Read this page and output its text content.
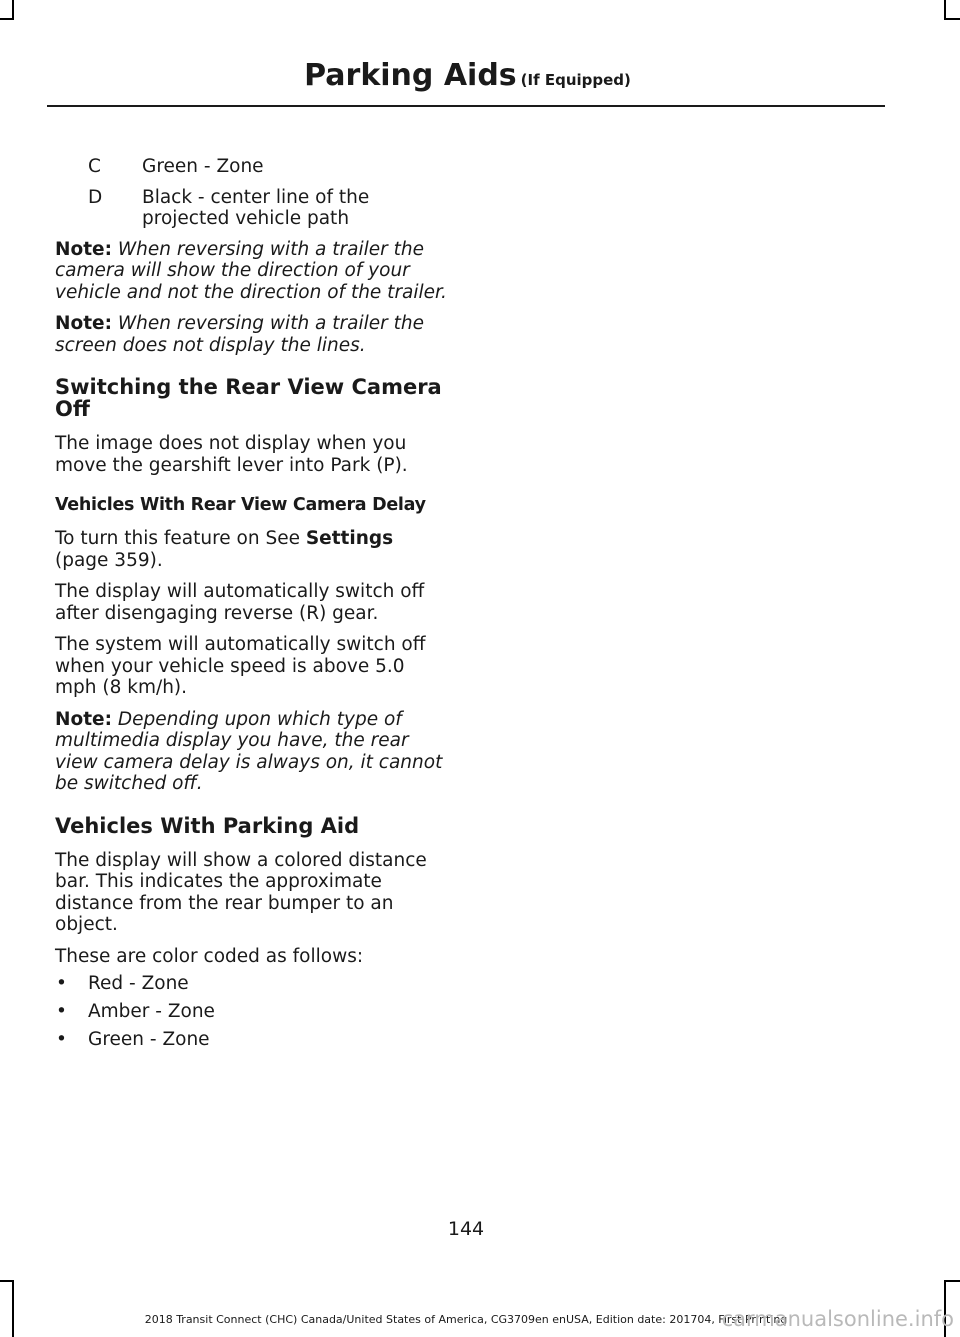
Parking Aids (If Equipped)
C	Green - Zone
D	Black - center line of the projected vehicle path

Note: When reversing with a trailer the camera will show the direction of your vehicle and not the direction of the trailer.

Note: When reversing with a trailer the screen does not display the lines.

Switching the Rear View Camera Off

The image does not display when you move the gearshift lever into Park (P).

Vehicles With Rear View Camera Delay

To turn this feature on See Settings (page 359).

The display will automatically switch off after disengaging reverse (R) gear.

The system will automatically switch off when your vehicle speed is above 5.0 mph (8 km/h).

Note: Depending upon which type of multimedia display you have, the rear view camera delay is always on, it cannot be switched off.

Vehicles With Parking Aid

The display will show a colored distance bar. This indicates the approximate distance from the rear bumper to an object.

These are color coded as follows:

•	Red - Zone
•	Amber - Zone
•	Green - Zone
144
2018 Transit Connect (CHC) Canada/United States of America, CG3709en enUSA, Edition date: 201704, First Printing
carmanualsonline.info
